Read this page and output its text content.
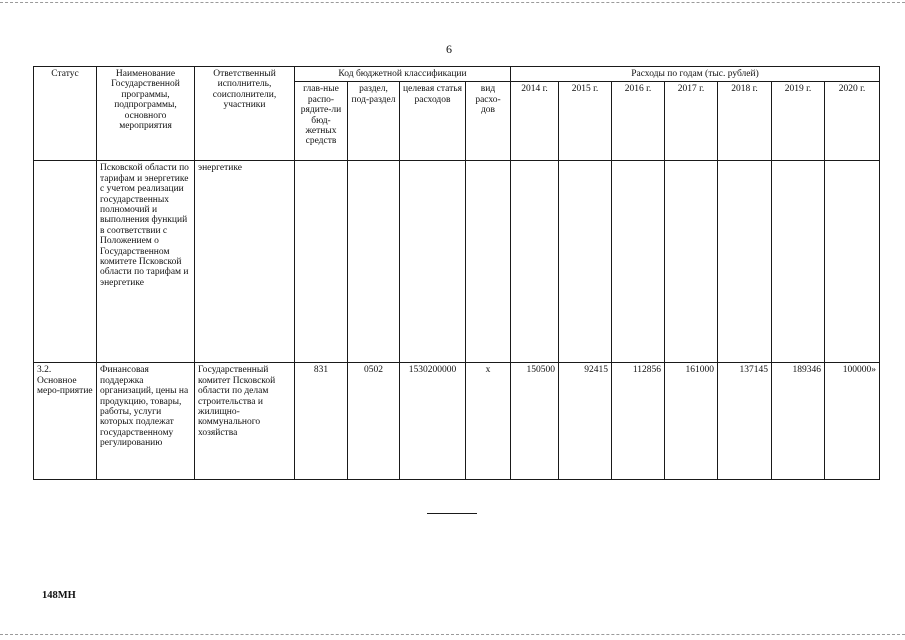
6
Статус	Наименование Государственной программы, подпрограммы, основного мероприятия	Ответственный исполнитель, соисполнители, участники	Код бюджетной классификации				Расходы по годам (тыс. рублей)						
			глав-ные распо-рядите-ли бюд-жетных средств	раздел, под-раздел	целевая статья расходов	вид расхо-дов	2014 г.	2015 г.	2016 г.	2017 г.	2018 г.	2019 г.	2020 г.
	Псковской области по тарифам и энергетике с учетом реализации государственных полномочий и выполнения функций в соответствии с Положением о Государственном комитете Псковской области по тарифам и энергетике	энергетике											
3.2. Основное меро-приятие	Финансовая поддержка организаций, цены на продукцию, товары, работы, услуги которых подлежат государственному регулированию	Государственный комитет Псковской области по делам строительства и жилищно-коммунального хозяйства	831	0502	1530200000	х	150500	92415	112856	161000	137145	189346	100000»
148МН
